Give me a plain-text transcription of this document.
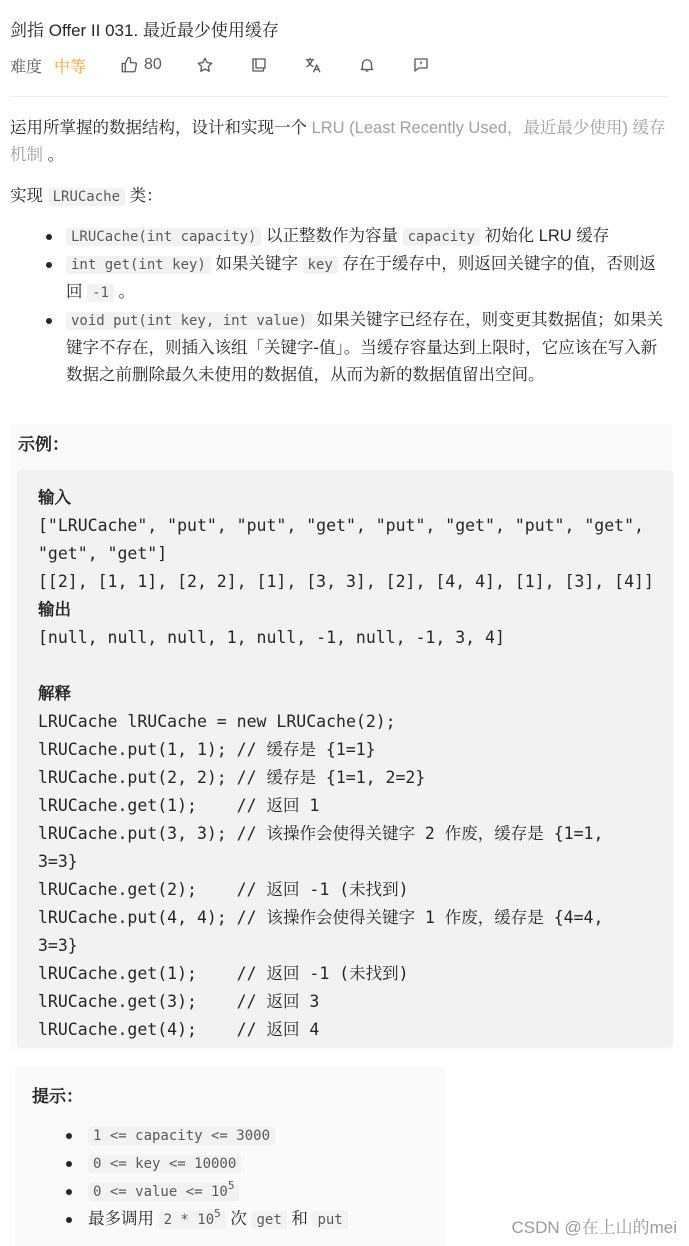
剑指 Offer II 031. 最近最少使用缓存
难度 中等	80

运用所掌握的数据结构，设计和实现一个 LRU (Least Recently Used，最近最少使用) 缓存机制 。

实现 LRUCache 类：

LRUCache(int capacity) 以正整数作为容量 capacity 初始化 LRU 缓存
int get(int key) 如果关键字 key 存在于缓存中，则返回关键字的值，否则返回 -1 。
void put(int key, int value) 如果关键字已经存在，则变更其数据值；如果关键字不存在，则插入该组「关键字-值」。当缓存容量达到上限时，它应该在写入新数据之前删除最久未使用的数据值，从而为新的数据值留出空间。
示例：
输入
["LRUCache", "put", "put", "get", "put", "get", "put", "get",
"get", "get"]
[[2], [1, 1], [2, 2], [1], [3, 3], [2], [4, 4], [1], [3], [4]]
输出
[null, null, null, 1, null, -1, null, -1, 3, 4]
解释
LRUCache lRUCache = new LRUCache(2);
lRUCache.put(1, 1); // 缓存是 {1=1}
lRUCache.put(2, 2); // 缓存是 {1=1, 2=2}
lRUCache.get(1);    // 返回 1
lRUCache.put(3, 3); // 该操作会使得关键字 2 作废，缓存是 {1=1,
3=3}
lRUCache.get(2);    // 返回 -1 (未找到)
lRUCache.put(4, 4); // 该操作会使得关键字 1 作废，缓存是 {4=4,
3=3}
lRUCache.get(1);    // 返回 -1 (未找到)
lRUCache.get(3);    // 返回 3
lRUCache.get(4);    // 返回 4
提示：
1 <= capacity <= 3000
0 <= key <= 10000
0 <= value <= $10^5$
最多调用 $2 * 10^5$ 次 get 和 put	CSDN @在上山的mei
